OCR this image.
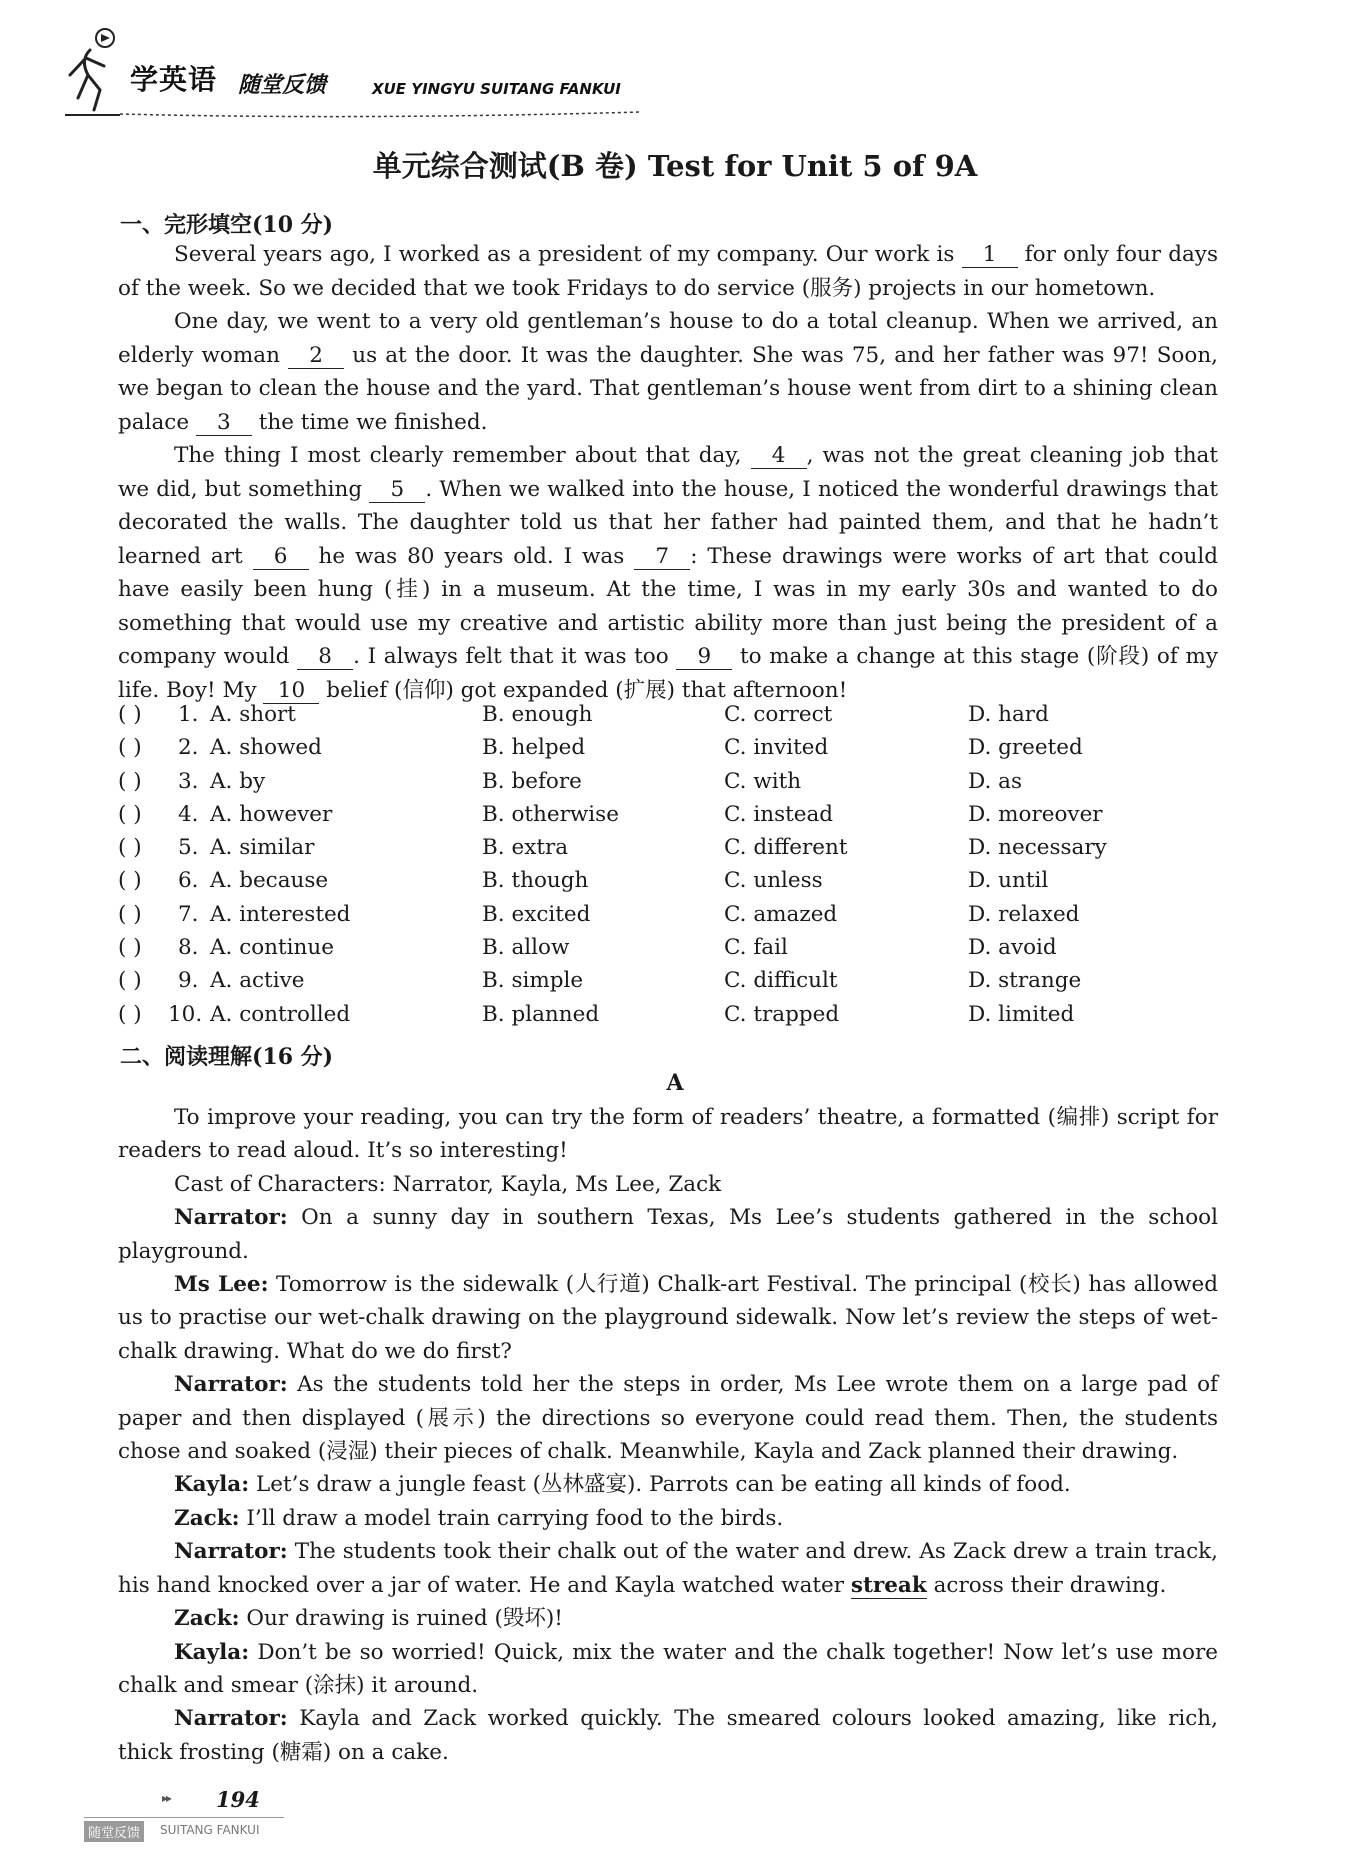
学英语 随堂反馈	XUE YINGYU SUITANG FANKUI
单元综合测试(B 卷) Test for Unit 5 of 9A
一、完形填空(10 分)

Several years ago, I worked as a president of my company. Our work is 1 for only four days of the week. So we decided that we took Fridays to do service (服务) projects in our hometown.

One day, we went to a very old gentleman’s house to do a total cleanup. When we arrived, an elderly woman 2 us at the door. It was the daughter. She was 75, and her father was 97! Soon, we began to clean the house and the yard. That gentleman’s house went from dirt to a shining clean palace 3 the time we finished.

The thing I most clearly remember about that day, 4 , was not the great cleaning job that we did, but something 5 . When we walked into the house, I noticed the wonderful drawings that decorated the walls. The daughter told us that her father had painted them, and that he hadn’t learned art 6 he was 80 years old. I was 7 : These drawings were works of art that could have easily been hung (挂) in a museum. At the time, I was in my early 30s and wanted to do something that would use my creative and artistic ability more than just being the president of a company would 8 . I always felt that it was too 9 to make a change at this stage (阶段) of my life. Boy! My 10 belief (信仰) got expanded (扩展) that afternoon!

( ) 1. A. short	B. enough	C. correct	D. hard
( ) 2. A. showed	B. helped	C. invited	D. greeted
( ) 3. A. by	B. before	C. with	D. as
( ) 4. A. however	B. otherwise	C. instead	D. moreover
( ) 5. A. similar	B. extra	C. different	D. necessary
( ) 6. A. because	B. though	C. unless	D. until
( ) 7. A. interested	B. excited	C. amazed	D. relaxed
( ) 8. A. continue	B. allow	C. fail	D. avoid
( ) 9. A. active	B. simple	C. difficult	D. strange
( ) 10. A. controlled	B. planned	C. trapped	D. limited
二、阅读理解(16 分)
A

To improve your reading, you can try the form of readers’ theatre, a formatted (编排) script for readers to read aloud. It’s so interesting!

Cast of Characters: Narrator, Kayla, Ms Lee, Zack

Narrator: On a sunny day in southern Texas, Ms Lee’s students gathered in the school playground.

Ms Lee: Tomorrow is the sidewalk (人行道) Chalk-art Festival. The principal (校长) has allowed us to practise our wet-chalk drawing on the playground sidewalk. Now let’s review the steps of wet-chalk drawing. What do we do first?

Narrator: As the students told her the steps in order, Ms Lee wrote them on a large pad of paper and then displayed (展示) the directions so everyone could read them. Then, the students chose and soaked (浸湿) their pieces of chalk. Meanwhile, Kayla and Zack planned their drawing.

Kayla: Let’s draw a jungle feast (丛林盛宴). Parrots can be eating all kinds of food.

Zack: I’ll draw a model train carrying food to the birds.

Narrator: The students took their chalk out of the water and drew. As Zack drew a train track, his hand knocked over a jar of water. He and Kayla watched water streak across their drawing.

Zack: Our drawing is ruined (毁坏)!

Kayla: Don’t be so worried! Quick, mix the water and the chalk together! Now let’s use more chalk and smear (涂抹) it around.

Narrator: Kayla and Zack worked quickly. The smeared colours looked amazing, like rich, thick frosting (糖霜) on a cake.

▸▸ 194
随堂反馈	SUITANG FANKUI
